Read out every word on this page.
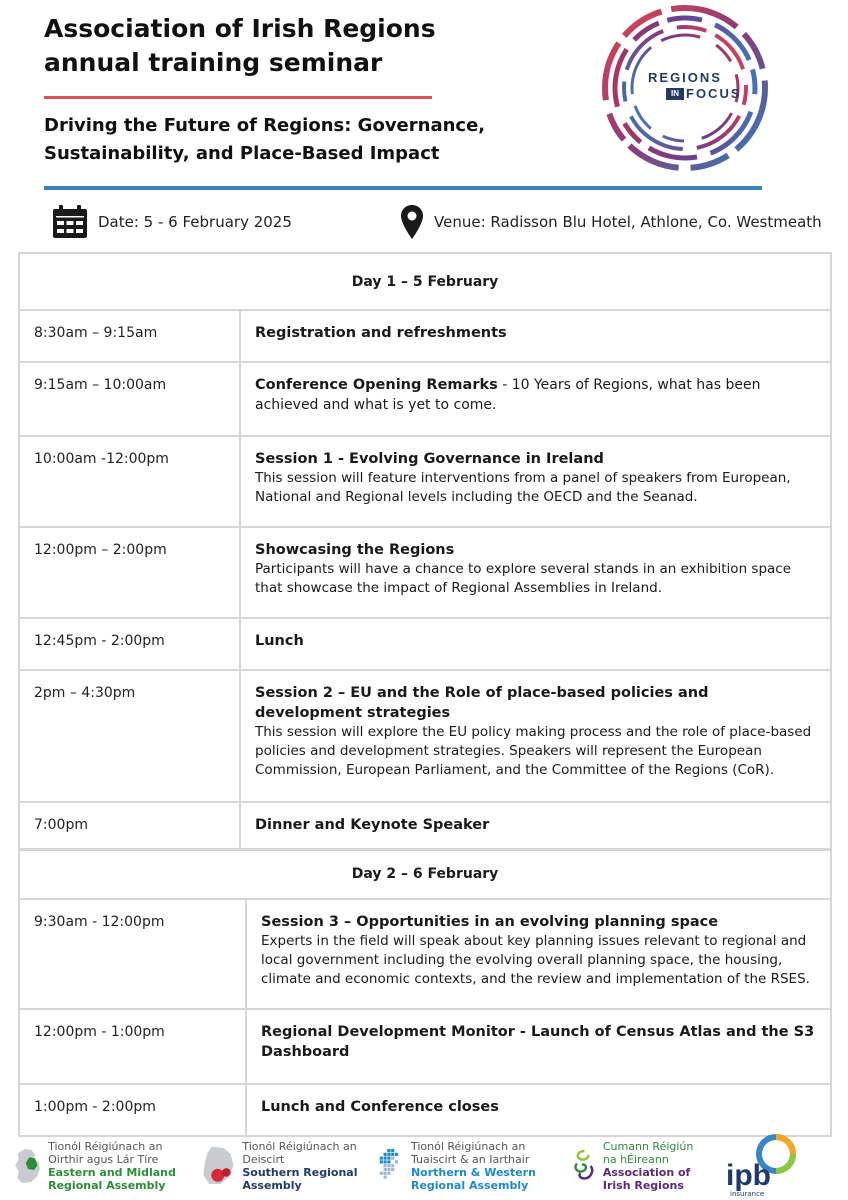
Association of Irish Regions annual training seminar
Driving the Future of Regions: Governance, Sustainability, and Place-Based Impact
REGIONS
IN FOCUS
Date: 5 - 6 February 2025	Venue: Radisson Blu Hotel, Athlone, Co. Westmeath
Day 1 – 5 February	
8:30am – 9:15am	Registration and refreshments

9:15am – 10:00am	Conference Opening Remarks - 10 Years of Regions, what has been achieved and what is yet to come.

10:00am -12:00pm	Session 1 - Evolving Governance in Ireland
This session will feature interventions from a panel of speakers from European, National and Regional levels including the OECD and the Seanad.

12:00pm – 2:00pm	Showcasing the Regions
Participants will have a chance to explore several stands in an exhibition space that showcase the impact of Regional Assemblies in Ireland.

12:45pm - 2:00pm	Lunch

2pm – 4:30pm	Session 2 – EU and the Role of place-based policies and development strategies
This session will explore the EU policy making process and the role of place-based policies and development strategies. Speakers will represent the European Commission, European Parliament, and the Committee of the Regions (CoR).

7:00pm	Dinner and Keynote Speaker
Day 2 – 6 February	
9:30am - 12:00pm	Session 3 – Opportunities in an evolving planning space
Experts in the field will speak about key planning issues relevant to regional and local government including the evolving overall planning space, the housing, climate and economic contexts, and the review and implementation of the RSES.

12:00pm - 1:00pm	Regional Development Monitor - Launch of Census Atlas and the S3 Dashboard

1:00pm - 2:00pm	Lunch and Conference closes
Tionól Réigiúnach an Oirthir agus Lár Tíre
Eastern and Midland Regional Assembly
Tionól Réigiúnach an Deiscirt
Southern Regional Assembly
Tionól Réigiúnach an Tuaiscirt & an Iarthair
Northern & Western Regional Assembly
Cumann Réigiún na hÉireann
Association of Irish Regions	ipb
insurance
